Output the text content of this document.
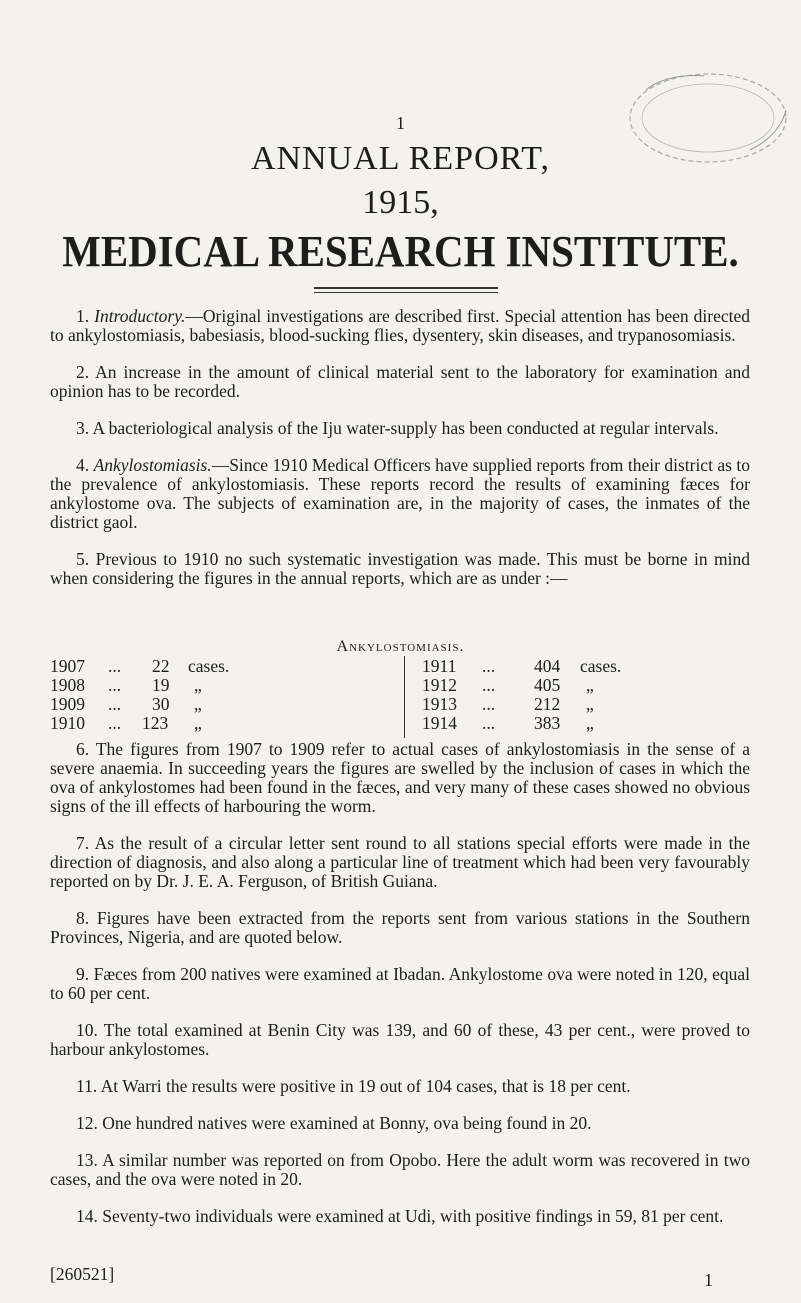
1
ANNUAL REPORT,
1915,
MEDICAL RESEARCH INSTITUTE.

1. Introductory.—Original investigations are described first. Special attention has been directed to ankylostomiasis, babesiasis, blood-sucking flies, dysentery, skin diseases, and trypanosomiasis.

2. An increase in the amount of clinical material sent to the laboratory for examination and opinion has to be recorded.

3. A bacteriological analysis of the Iju water-supply has been conducted at regular intervals.

4. Ankylostomiasis.—Since 1910 Medical Officers have supplied reports from their district as to the prevalence of ankylostomiasis. These reports record the results of examining fæces for ankylostome ova. The subjects of examination are, in the majority of cases, the inmates of the district gaol.

5. Previous to 1910 no such systematic investigation was made. This must be borne in mind when considering the figures in the annual reports, which are as under :—

Ankylostomiasis.
1907 ... 22 cases.
1908 ... 19 „
1909 ... 30 „
1910 ... 123 „
1911 ... 404 cases.
1912 ... 405 „
1913 ... 212 „
1914 ... 383 „

6. The figures from 1907 to 1909 refer to actual cases of ankylostomiasis in the sense of a severe anaemia. In succeeding years the figures are swelled by the inclusion of cases in which the ova of ankylostomes had been found in the fæces, and very many of these cases showed no obvious signs of the ill effects of harbouring the worm.

7. As the result of a circular letter sent round to all stations special efforts were made in the direction of diagnosis, and also along a particular line of treatment which had been very favourably reported on by Dr. J. E. A. Ferguson, of British Guiana.

8. Figures have been extracted from the reports sent from various stations in the Southern Provinces, Nigeria, and are quoted below.

9. Fæces from 200 natives were examined at Ibadan. Ankylostome ova were noted in 120, equal to 60 per cent.

10. The total examined at Benin City was 139, and 60 of these, 43 per cent., were proved to harbour ankylostomes.

11. At Warri the results were positive in 19 out of 104 cases, that is 18 per cent.

12. One hundred natives were examined at Bonny, ova being found in 20.

13. A similar number was reported on from Opobo. Here the adult worm was recovered in two cases, and the ova were noted in 20.

14. Seventy-two individuals were examined at Udi, with positive findings in 59, 81 per cent.

[260521]	1
